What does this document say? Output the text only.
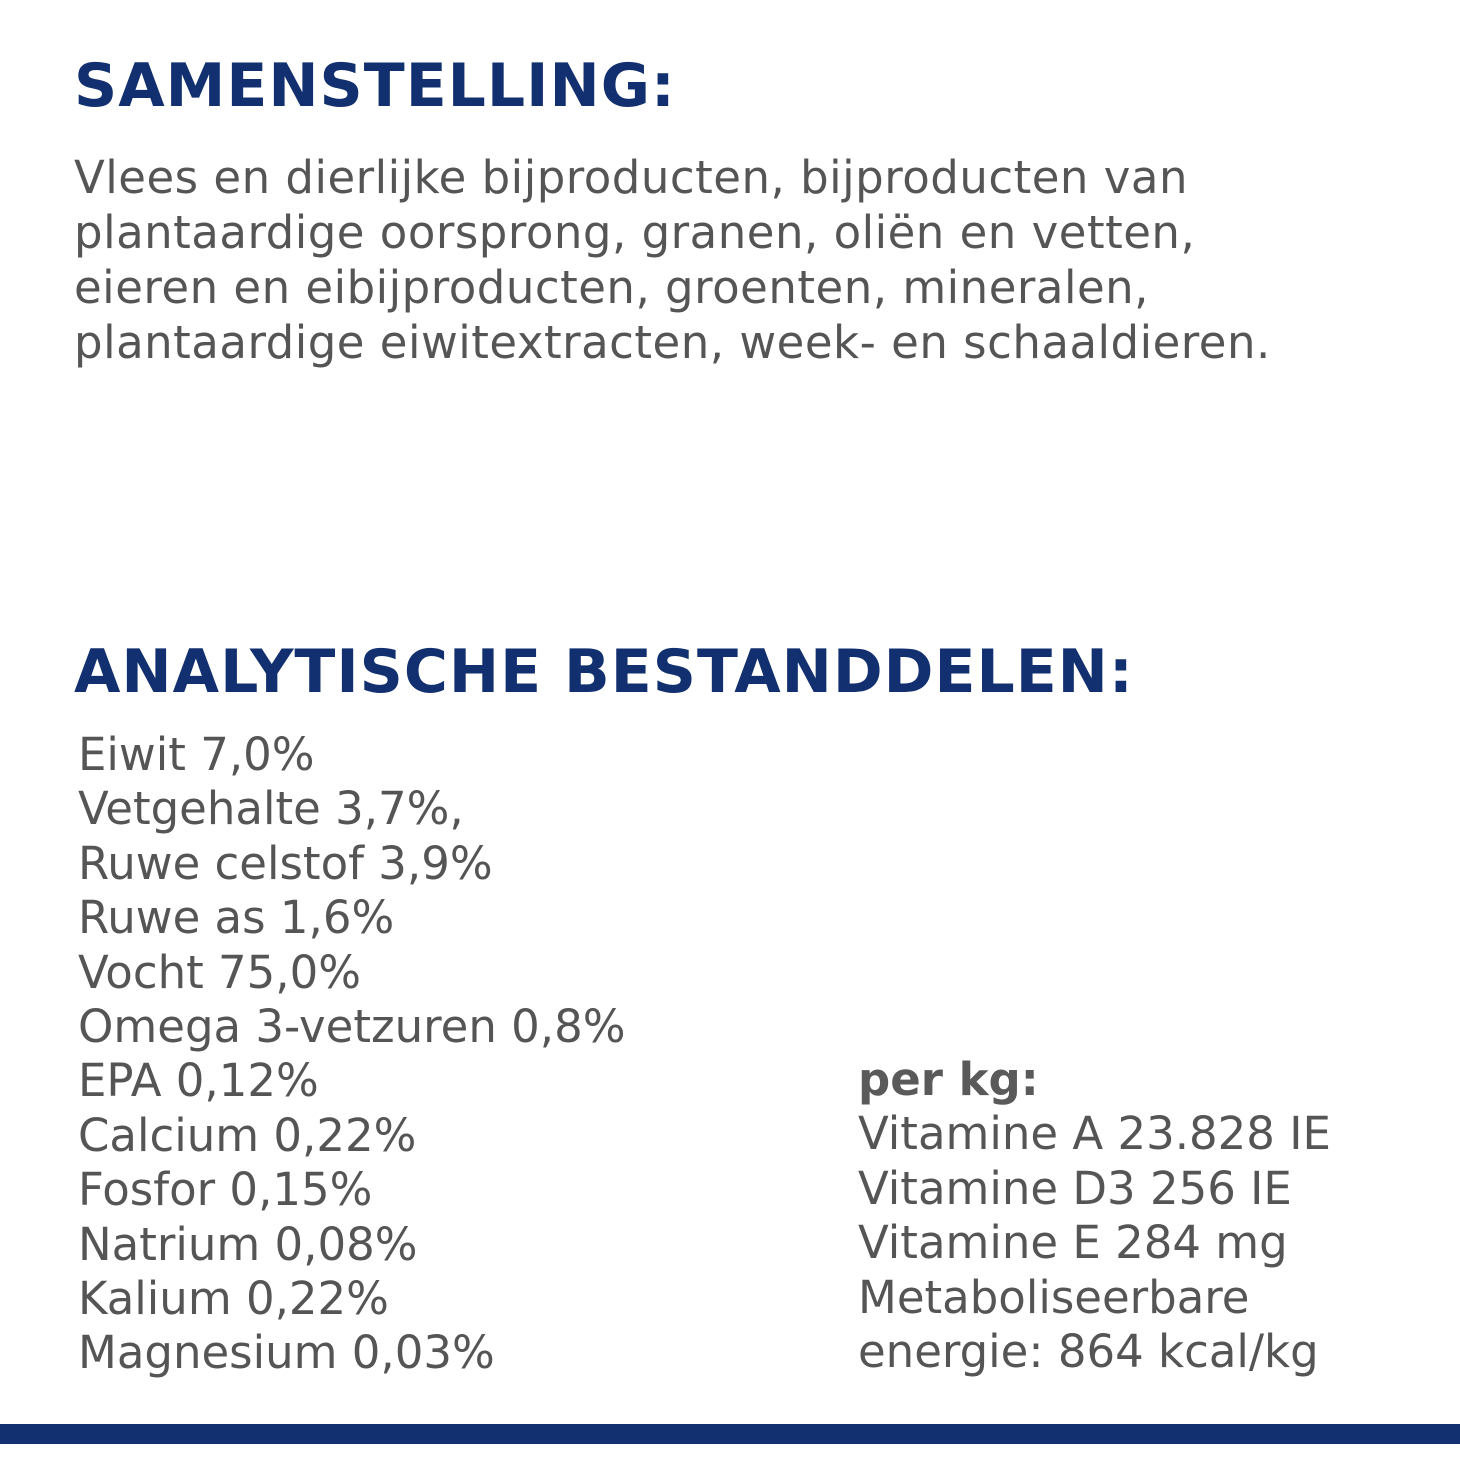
SAMENSTELLING:
Vlees en dierlijke bijproducten, bijproducten van
plantaardige oorsprong, granen, oliën en vetten,
eieren en eibijproducten, groenten, mineralen,
plantaardige eiwitextracten, week- en schaaldieren.
ANALYTISCHE BESTANDDELEN:
Eiwit 7,0%
Vetgehalte 3,7%,
Ruwe celstof 3,9%
Ruwe as 1,6%
Vocht 75,0%
Omega 3-vetzuren 0,8%
EPA 0,12%
Calcium 0,22%
Fosfor 0,15%
Natrium 0,08%
Kalium 0,22%
Magnesium 0,03%
per kg:
Vitamine A 23.828 IE
Vitamine D3 256 IE
Vitamine E 284 mg
Metaboliseerbare
energie: 864 kcal/kg
